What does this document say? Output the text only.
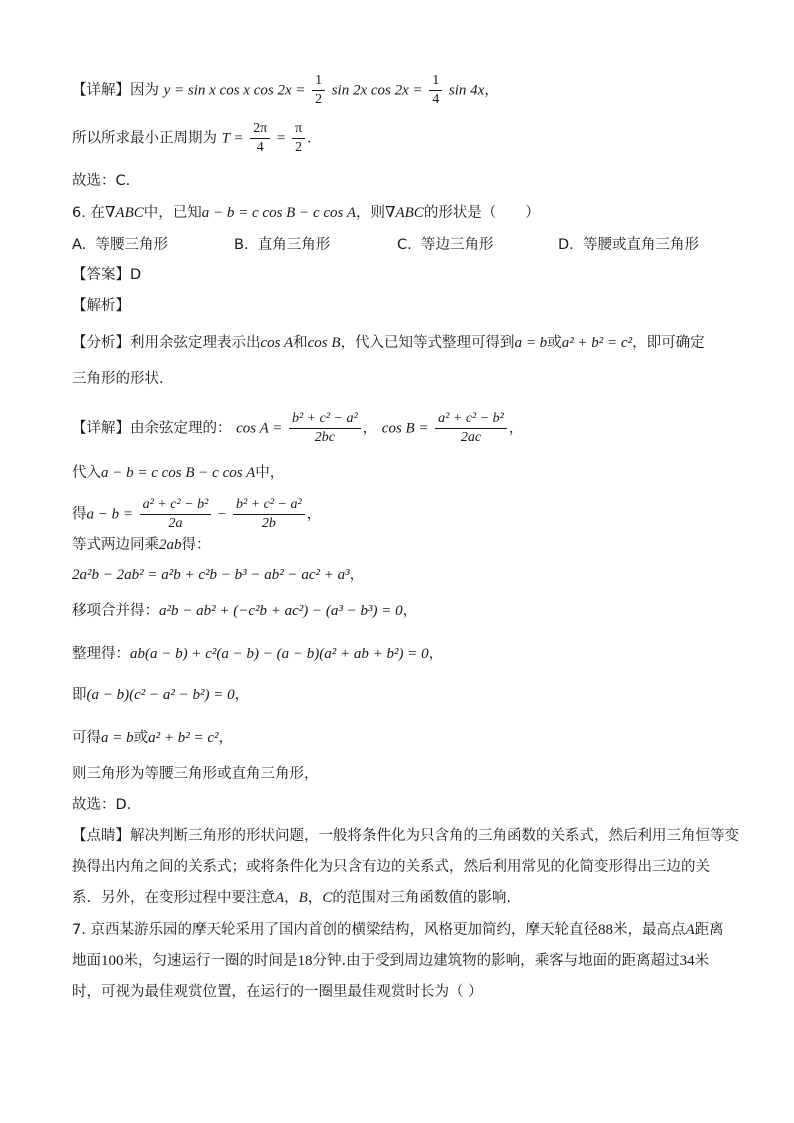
【详解】因为 y = sin x cos x $\cos 2x = \frac{1}{2}$ sin 2x $\cos 2x = \frac{1}{4}$ sin 4x，
所以所求最小正周期为 $T = \frac{2\pi}{4} = \frac{\pi}{2}$ .
故选：C.
6. 在∇ABC中，已知a − b = c cos B − c cos A，则∇ABC的形状是（　　）
A. 等腰三角形	B. 直角三角形	C. 等边三角形	D. 等腰或直角三角形
【答案】D
【解析】
【分析】利用余弦定理表示出cos A和cos B，代入已知等式整理可得到a = b或a² + b² = c²，即可确定
三角形的形状.
【详解】由余弦定理的： $\cos A = \frac{\text{b² + c² − a²}}{2bc}$ ， $\cos B = \frac{\text{a² + c² − b²}}{2ac}$ ，
代入a − b = c cos B − c cos A中，
得$a - b = \frac{\text{a² + c² − b²}}{2a} - \frac{\text{b² + c² − a²}}{2b}$ ，
等式两边同乘2ab得：
2a²b − 2ab² = a²b + c²b − b³ − ab² − ac² + a³，
移项合并得：a²b − ab² + (−c²b + ac²) − (a³ − b³) = 0，
整理得：ab(a − b) + c²(a − b) − (a − b)(a² + ab + b²) = 0，
即(a − b)(c² − a² − b²) = 0，
可得a = b或a² + b² = c²，
则三角形为等腰三角形或直角三角形，
故选：D.
【点睛】解决判断三角形的形状问题，一般将条件化为只含角的三角函数的关系式，然后利用三角恒等变
换得出内角之间的关系式；或将条件化为只含有边的关系式，然后利用常见的化简变形得出三边的关
系．另外，在变形过程中要注意A，B，C的范围对三角函数值的影响.
7. 京西某游乐园的摩天轮采用了国内首创的横梁结构，风格更加简约，摩天轮直径88米，最高点A距离
地面100米，匀速运行一圈的时间是18分钟.由于受到周边建筑物的影响，乘客与地面的距离超过34米
时，可视为最佳观赏位置，在运行的一圈里最佳观赏时长为（ ）
